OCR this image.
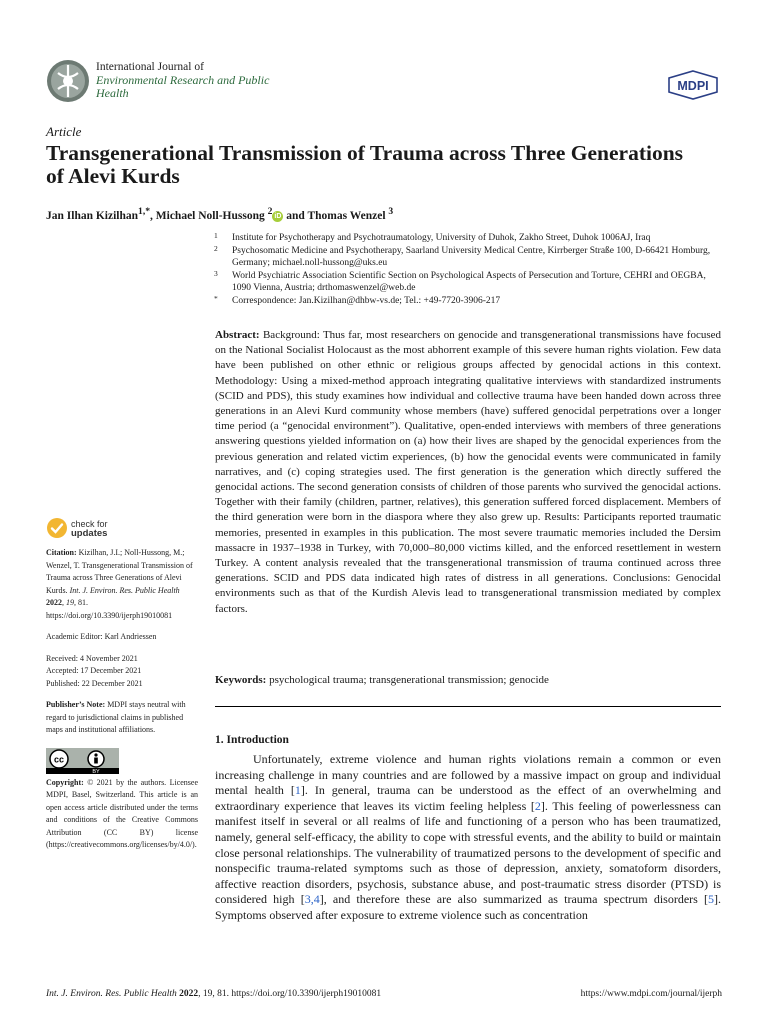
International Journal of
Environmental Research and Public Health	MDPI
Article
Transgenerational Transmission of Trauma across Three Generations of Alevi Kurds
Jan Ilhan Kizilhan$^{1,*}$, Michael Noll-Hussong $^2$ iD and Thomas Wenzel $^3$
1 Institute for Psychotherapy and Psychotraumatology, University of Duhok, Zakho Street, Duhok 1006AJ, Iraq
2 Psychosomatic Medicine and Psychotherapy, Saarland University Medical Centre, Kirrberger Straße 100, D-66421 Homburg, Germany; michael.noll-hussong@uks.eu
3 World Psychiatric Association Scientific Section on Psychological Aspects of Persecution and Torture, CEHRI and OEGBA, 1090 Vienna, Austria; drthomaswenzel@web.de
* Correspondence: Jan.Kizilhan@dhbw-vs.de; Tel.: +49-7720-3906-217

Abstract: Background: Thus far, most researchers on genocide and transgenerational transmissions have focused on the National Socialist Holocaust as the most abhorrent example of this severe human rights violation. Few data have been published on other ethnic or religious groups affected by genocidal actions in this context. Methodology: Using a mixed-method approach integrating qualitative interviews with standardized instruments (SCID and PDS), this study examines how individual and collective trauma have been handed down across three generations in an Alevi Kurd community whose members (have) suffered genocidal perpetrations over a longer time period (a “genocidal environment”). Qualitative, open-ended interviews with members of three generations answering questions yielded information on (a) how their lives are shaped by the genocidal experiences from the previous generation and related victim experiences, (b) how the genocidal events were communicated in family narratives, and (c) coping strategies used. The first generation is the generation which directly suffered the genocidal actions. The second generation consists of children of those parents who survived the genocidal actions. Together with their family (children, partner, relatives), this generation suffered forced displacement. Members of the third generation were born in the diaspora where they also grew up. Results: Participants reported traumatic memories, presented in examples in this publication. The most severe traumatic memories included the Dersim massacre in 1937–1938 in Turkey, with 70,000–80,000 victims killed, and the enforced resettlement in western Turkey. A content analysis revealed that the transgenerational transmission of trauma continued across three generations. SCID and PDS data indicated high rates of distress in all generations. Conclusions: Genocidal environments such as that of the Kurdish Alevis lead to transgenerational transmission mediated by complex factors.

Keywords: psychological trauma; transgenerational transmission; genocide
1. Introduction

Unfortunately, extreme violence and human rights violations remain a common or even increasing challenge in many countries and are followed by a massive impact on group and individual mental health [1]. In general, trauma can be understood as the effect of an overwhelming and extraordinary experience that leaves its victim feeling helpless [2]. This feeling of powerlessness can manifest itself in several or all realms of life and functioning of a person who has been traumatized, namely, general self-efficacy, the ability to cope with stressful events, and the ability to build or maintain close personal relationships. The vulnerability of traumatized persons to the development of specific and nonspecific trauma-related symptoms such as those of depression, anxiety, somatoform disorders, affective reaction disorders, psychosis, substance abuse, and post-traumatic stress disorder (PTSD) is considered high [3,4], and therefore these are also summarized as trauma spectrum disorders [5]. Symptoms observed after exposure to extreme violence such as concentration

check for
updates

Citation: Kizilhan, J.I.; Noll-Hussong, M.; Wenzel, T. Transgenerational Transmission of Trauma across Three Generations of Alevi Kurds. Int. J. Environ. Res. Public Health 2022, 19, 81. https://doi.org/10.3390/ijerph19010081

Academic Editor: Karl Andriessen

Received: 4 November 2021

Accepted: 17 December 2021

Published: 22 December 2021

Publisher’s Note: MDPI stays neutral with regard to jurisdictional claims in published maps and institutional affiliations.

cc
BY

Copyright: © 2021 by the authors. Licensee MDPI, Basel, Switzerland. This article is an open access article distributed under the terms and conditions of the Creative Commons Attribution (CC BY) license (https://creativecommons.org/licenses/by/4.0/).

Int. J. Environ. Res. Public Health 2022, 19, 81. https://doi.org/10.3390/ijerph19010081	https://www.mdpi.com/journal/ijerph
